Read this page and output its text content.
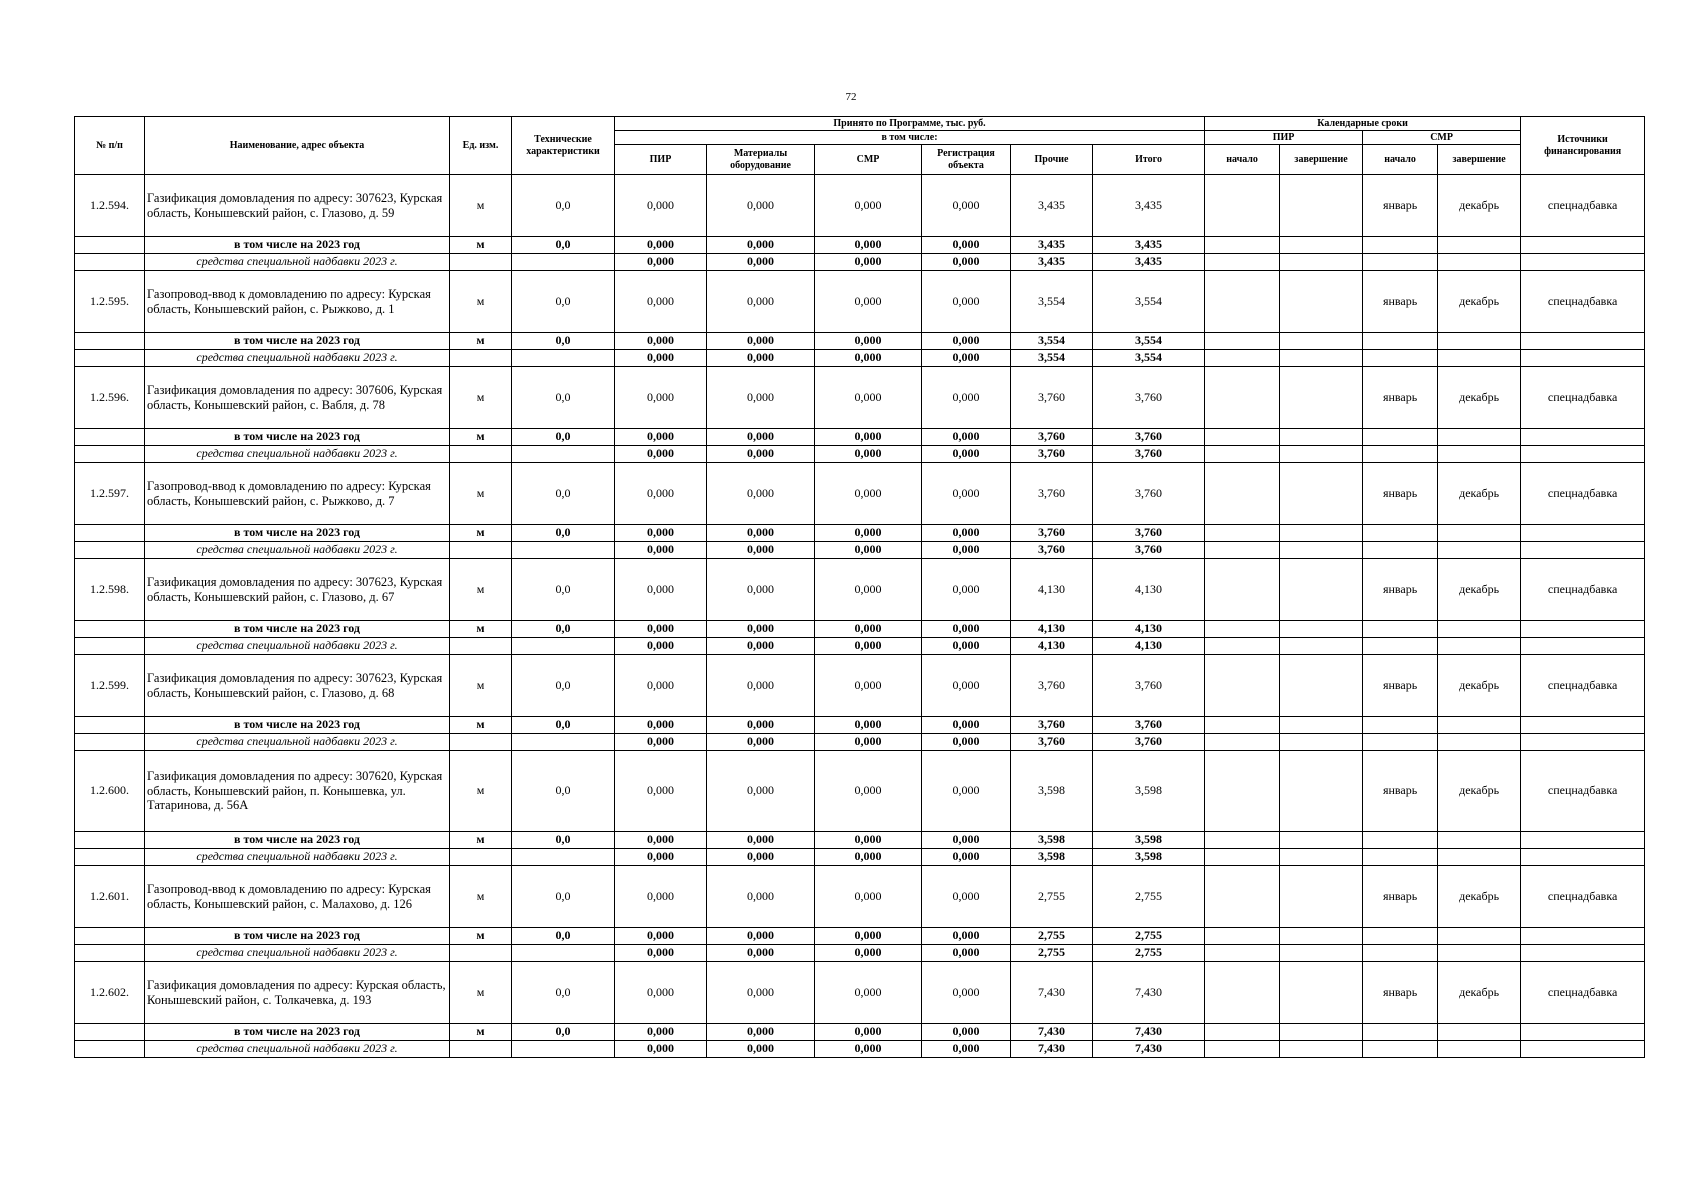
72
№ п/п	Наименование, адрес объекта	Ед. изм.	Технические характеристики	Принято по Программе, тыс. руб.						Календарные сроки				Источники финансирования
				в том числе:						ПИР		СМР		
				ПИР	Материалы оборудование	СМР	Регистрация объекта	Прочие	Итого	начало	завершение	начало	завершение	
1.2.594.	Газификация домовладения по адресу: 307623, Курская область, Конышевский район, с. Глазово, д. 59	м	0,0	0,000	0,000	0,000	0,000	3,435	3,435			январь	декабрь	спецнадбавка
	в том числе на 2023 год	м	0,0	0,000	0,000	0,000	0,000	3,435	3,435					
	средства специальной надбавки 2023 г.			0,000	0,000	0,000	0,000	3,435	3,435					
1.2.595.	Газопровод-ввод к домовладению по адресу: Курская область, Конышевский район, с. Рыжково, д. 1	м	0,0	0,000	0,000	0,000	0,000	3,554	3,554			январь	декабрь	спецнадбавка
	в том числе на 2023 год	м	0,0	0,000	0,000	0,000	0,000	3,554	3,554					
	средства специальной надбавки 2023 г.			0,000	0,000	0,000	0,000	3,554	3,554					
1.2.596.	Газификация домовладения по адресу: 307606, Курская область, Конышевский район, с. Вабля, д. 78	м	0,0	0,000	0,000	0,000	0,000	3,760	3,760			январь	декабрь	спецнадбавка
	в том числе на 2023 год	м	0,0	0,000	0,000	0,000	0,000	3,760	3,760					
	средства специальной надбавки 2023 г.			0,000	0,000	0,000	0,000	3,760	3,760					
1.2.597.	Газопровод-ввод к домовладению по адресу: Курская область, Конышевский район, с. Рыжково, д. 7	м	0,0	0,000	0,000	0,000	0,000	3,760	3,760			январь	декабрь	спецнадбавка
	в том числе на 2023 год	м	0,0	0,000	0,000	0,000	0,000	3,760	3,760					
	средства специальной надбавки 2023 г.			0,000	0,000	0,000	0,000	3,760	3,760					
1.2.598.	Газификация домовладения по адресу: 307623, Курская область, Конышевский район, с. Глазово, д. 67	м	0,0	0,000	0,000	0,000	0,000	4,130	4,130			январь	декабрь	спецнадбавка
	в том числе на 2023 год	м	0,0	0,000	0,000	0,000	0,000	4,130	4,130					
	средства специальной надбавки 2023 г.			0,000	0,000	0,000	0,000	4,130	4,130					
1.2.599.	Газификация домовладения по адресу: 307623, Курская область, Конышевский район, с. Глазово, д. 68	м	0,0	0,000	0,000	0,000	0,000	3,760	3,760			январь	декабрь	спецнадбавка
	в том числе на 2023 год	м	0,0	0,000	0,000	0,000	0,000	3,760	3,760					
	средства специальной надбавки 2023 г.			0,000	0,000	0,000	0,000	3,760	3,760					
1.2.600.	Газификация домовладения по адресу: 307620, Курская область, Конышевский район, п. Конышевка, ул. Татаринова, д. 56А	м	0,0	0,000	0,000	0,000	0,000	3,598	3,598			январь	декабрь	спецнадбавка
	в том числе на 2023 год	м	0,0	0,000	0,000	0,000	0,000	3,598	3,598					
	средства специальной надбавки 2023 г.			0,000	0,000	0,000	0,000	3,598	3,598					
1.2.601.	Газопровод-ввод к домовладению по адресу: Курская область, Конышевский район, с. Малахово, д. 126	м	0,0	0,000	0,000	0,000	0,000	2,755	2,755			январь	декабрь	спецнадбавка
	в том числе на 2023 год	м	0,0	0,000	0,000	0,000	0,000	2,755	2,755					
	средства специальной надбавки 2023 г.			0,000	0,000	0,000	0,000	2,755	2,755					
1.2.602.	Газификация домовладения по адресу: Курская область, Конышевский район, с. Толкачевка, д. 193	м	0,0	0,000	0,000	0,000	0,000	7,430	7,430			январь	декабрь	спецнадбавка
	в том числе на 2023 год	м	0,0	0,000	0,000	0,000	0,000	7,430	7,430					
	средства специальной надбавки 2023 г.			0,000	0,000	0,000	0,000	7,430	7,430					
